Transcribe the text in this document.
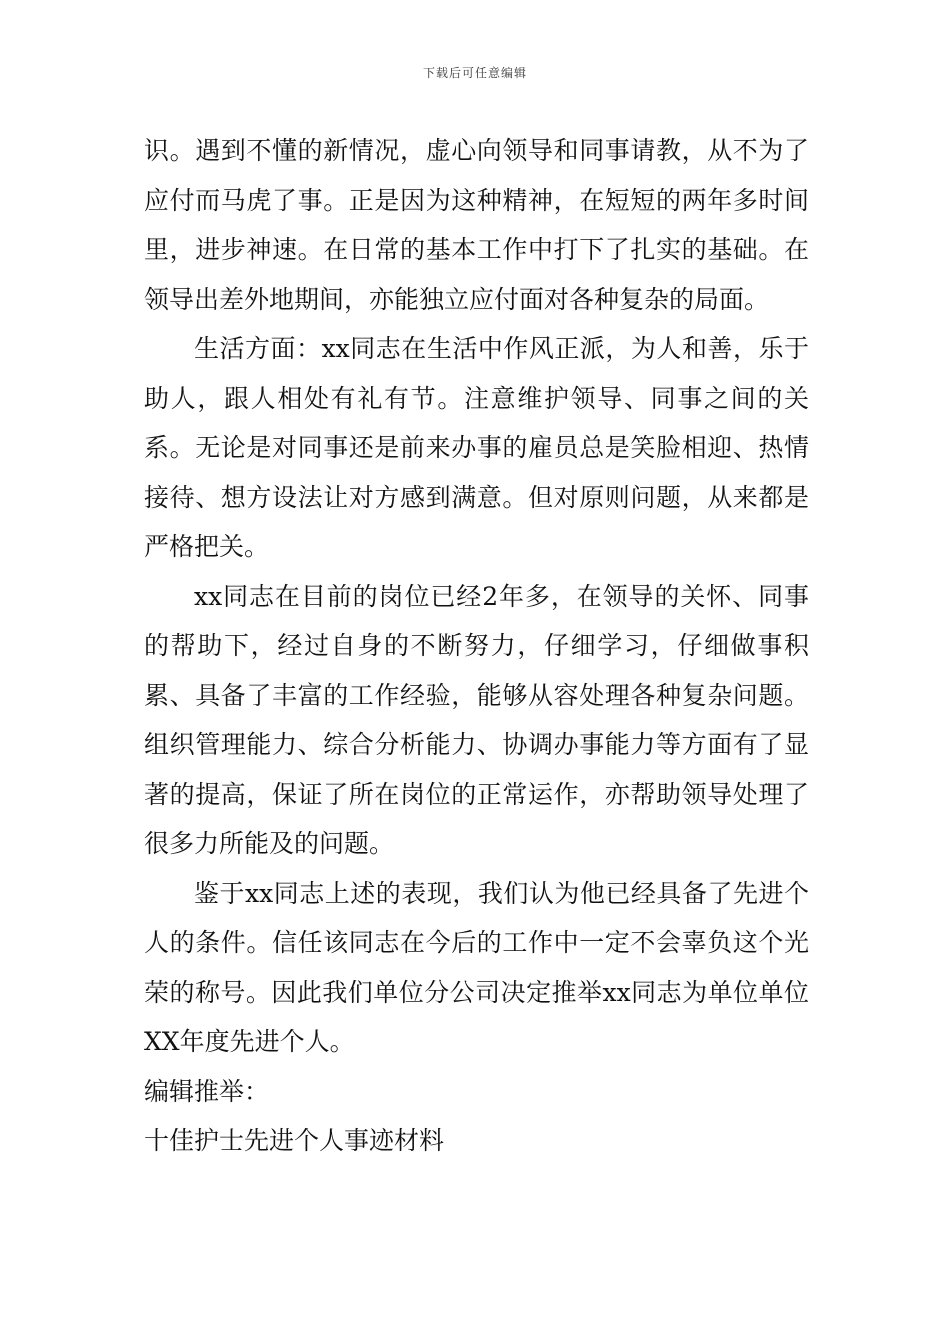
下载后可任意编辑

识。遇到不懂的新情况，虚心向领导和同事请教，从不为了应付而马虎了事。正是因为这种精神，在短短的两年多时间里，进步神速。在日常的基本工作中打下了扎实的基础。在领导出差外地期间，亦能独立应付面对各种复杂的局面。

生活方面：xx同志在生活中作风正派，为人和善，乐于助人，跟人相处有礼有节。注意维护领导、同事之间的关系。无论是对同事还是前来办事的雇员总是笑脸相迎、热情接待、想方设法让对方感到满意。但对原则问题，从来都是严格把关。

xx同志在目前的岗位已经2年多，在领导的关怀、同事的帮助下，经过自身的不断努力，仔细学习，仔细做事积累、具备了丰富的工作经验，能够从容处理各种复杂问题。组织管理能力、综合分析能力、协调办事能力等方面有了显著的提高，保证了所在岗位的正常运作，亦帮助领导处理了很多力所能及的问题。

鉴于xx同志上述的表现，我们认为他已经具备了先进个人的条件。信任该同志在今后的工作中一定不会辜负这个光荣的称号。因此我们单位分公司决定推举xx同志为单位单位XX年度先进个人。

编辑推举：

十佳护士先进个人事迹材料
